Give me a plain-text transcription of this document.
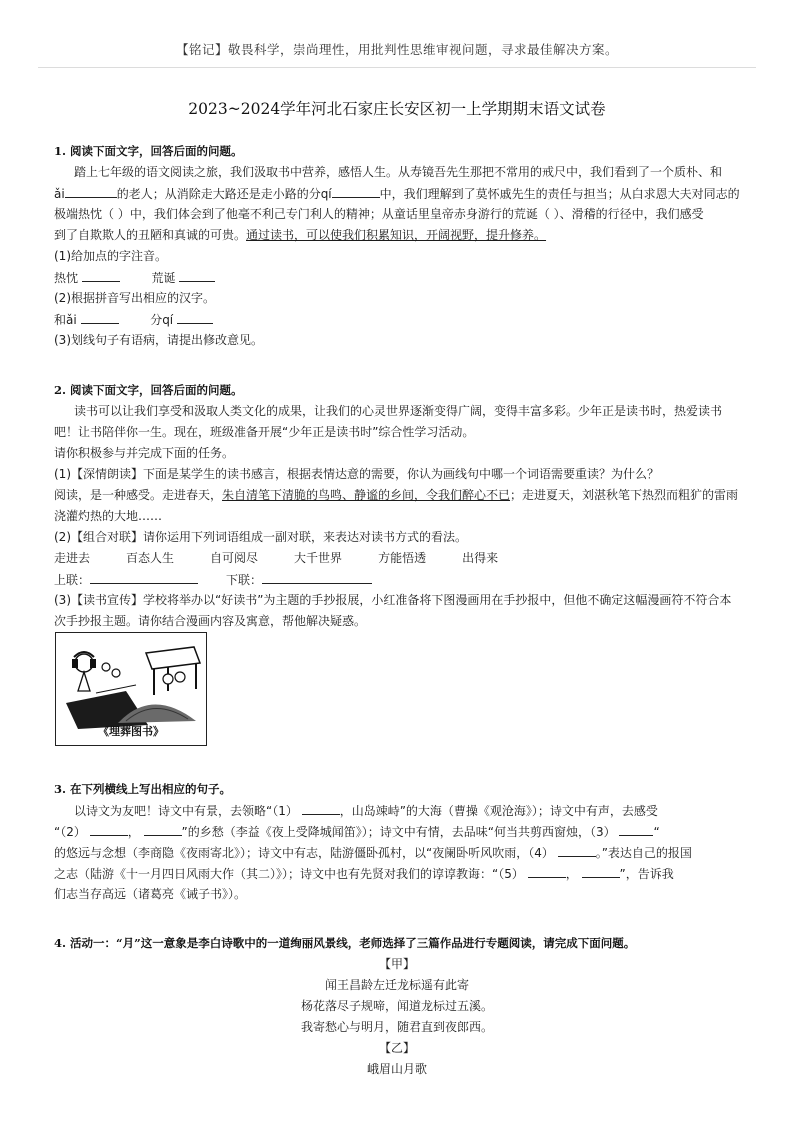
【铭记】敬畏科学，崇尚理性，用批判性思维审视问题，寻求最佳解决方案。
2023~2024学年河北石家庄长安区初一上学期期末语文试卷
1. 阅读下面文字，回答后面的问题。
踏上七年级的语文阅读之旅，我们汲取书中营养，感悟人生。从寿镜吾先生那把不常用的戒尺中，我们看到了一个质朴、和
ǎi	的老人；从消除走大路还是走小路的分qí	中，我们理解到了莫怀戚先生的责任与担当；从白求恩大夫对同志的
极端热忱（ ）中，我们体会到了他毫不利己专门利人的精神；从童话里皇帝赤身游行的荒诞（ ）、滑稽的行径中，我们感受
到了自欺欺人的丑陋和真诚的可贵。通过读书，可以使我们积累知识，开阔视野，提升修养。
(1)给加点的字注音。
热忱	荒诞
(2)根据拼音写出相应的汉字。
和ǎi	分qí
(3)划线句子有语病，请提出修改意见。
2. 阅读下面文字，回答后面的问题。
读书可以让我们享受和汲取人类文化的成果，让我们的心灵世界逐渐变得广阔，变得丰富多彩。少年正是读书时，热爱读书
吧！让书陪伴你一生。现在，班级准备开展“少年正是读书时”综合性学习活动。
请你积极参与并完成下面的任务。
(1)【深情朗读】下面是某学生的读书感言，根据表情达意的需要，你认为画线句中哪一个词语需要重读？为什么？
阅读，是一种感受。走进春天，朱自清笔下清脆的鸟鸣、静谧的乡间，令我们醉心不已；走进夏天，刘湛秋笔下热烈而粗犷的雷雨
浇灌灼热的大地……
(2)【组合对联】请你运用下列词语组成一副对联，来表达对读书方式的看法。
走进去	百态人生	自可阅尽	大千世界	方能悟透	出得来
上联：	下联：
(3)【读书宣传】学校将举办以“好读书”为主题的手抄报展，小红准备将下图漫画用在手抄报中，但他不确定这幅漫画符不符合本
次手抄报主题。请你结合漫画内容及寓意，帮他解决疑惑。
《埋葬图书》
3. 在下列横线上写出相应的句子。
以诗文为友吧！诗文中有景，去领略“（1）	，山岛竦峙”的大海（曹操《观沧海》）；诗文中有声，去感受
“（2）	，	”的乡愁（李益《夜上受降城闻笛》）；诗文中有情，去品味“何当共剪西窗烛，（3）	“
的悠远与念想（李商隐《夜雨寄北》）；诗文中有志，陆游僵卧孤村，以“夜阑卧听风吹雨，（4）	。”表达自己的报国
之志（陆游《十一月四日风雨大作（其二）》）；诗文中也有先贤对我们的谆谆教诲：“（5）	，	”，告诉我
们志当存高远（诸葛亮《诫子书》）。
4. 活动一：“月”这一意象是李白诗歌中的一道绚丽风景线，老师选择了三篇作品进行专题阅读，请完成下面问题。
【甲】
闻王昌龄左迁龙标遥有此寄
杨花落尽子规啼，闻道龙标过五溪。
我寄愁心与明月，随君直到夜郎西。
【乙】
峨眉山月歌
